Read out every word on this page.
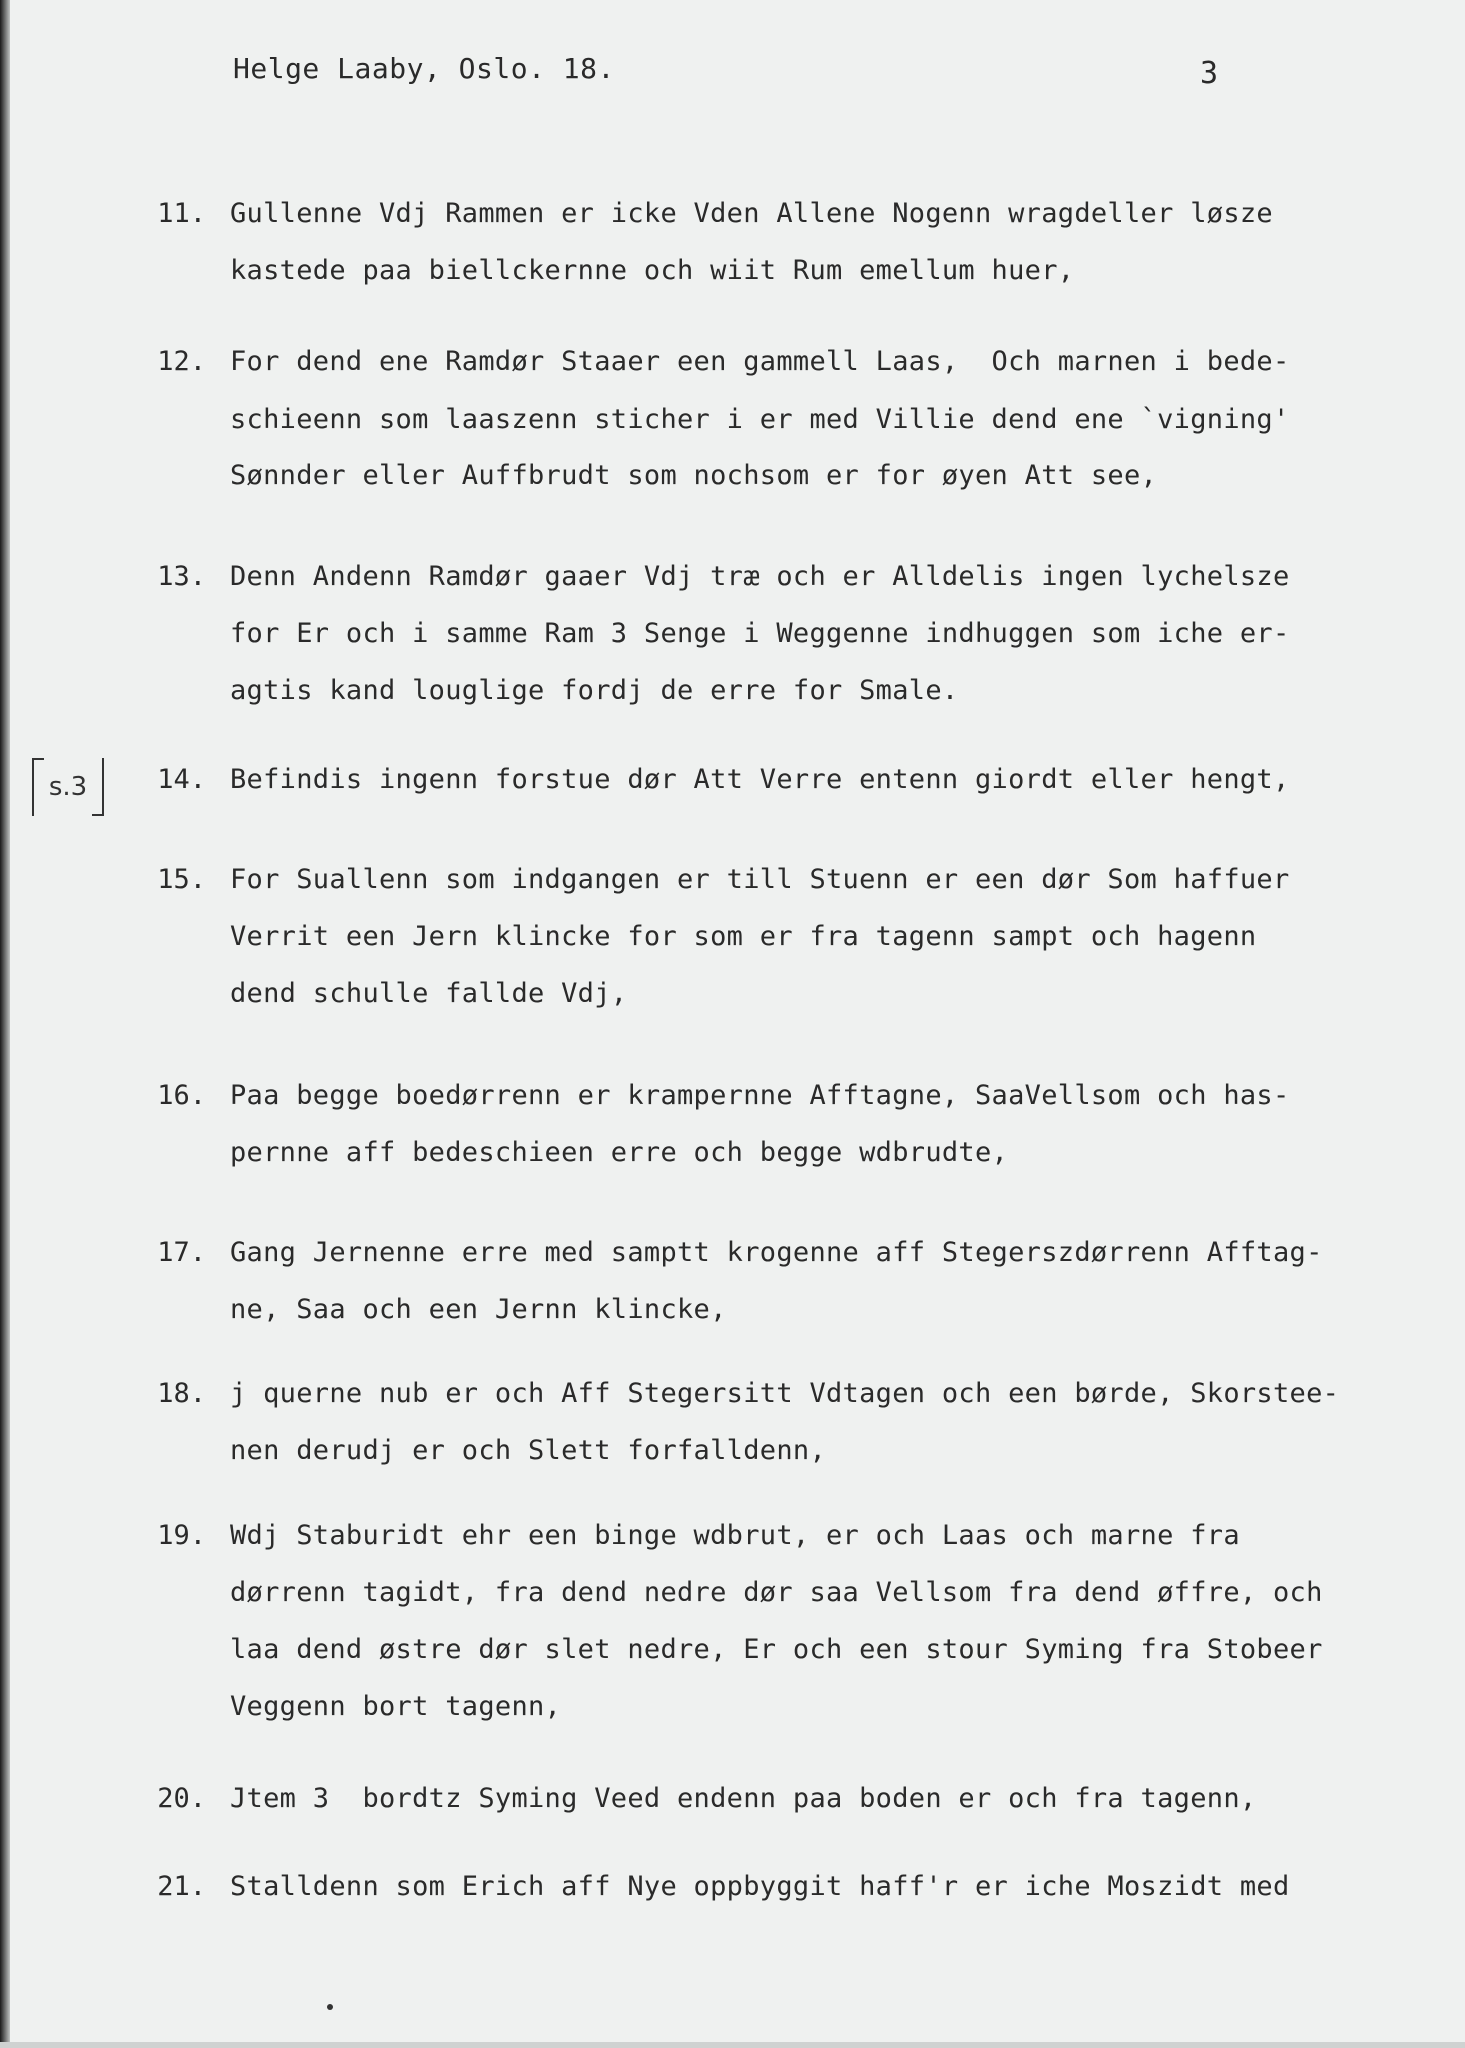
Helge Laaby, Oslo. 18.	3
s.3
11. Gullenne Vdj Rammen er icke Vden Allene Nogenn wragdeller løsze
kastede paa biellckernne och wiit Rum emellum huer,
12. For dend ene Ramdør Staaer een gammell Laas,  Och marnen i bede-
schieenn som laaszenn sticher i er med Villie dend ene `vigning'
Sønnder eller Auffbrudt som nochsom er for øyen Att see,
13. Denn Andenn Ramdør gaaer Vdj træ och er Alldelis ingen lychelsze
for Er och i samme Ram 3 Senge i Weggenne indhuggen som iche er-
agtis kand louglige fordj de erre for Smale.
14. Befindis ingenn forstue dør Att Verre entenn giordt eller hengt,
15. For Suallenn som indgangen er till Stuenn er een dør Som haffuer
Verrit een Jern klincke for som er fra tagenn sampt och hagenn
dend schulle fallde Vdj,
16. Paa begge boedørrenn er krampernne Afftagne, SaaVellsom och has-
pernne aff bedeschieen erre och begge wdbrudte,
17. Gang Jernenne erre med samptt krogenne aff Stegerszdørrenn Afftag-
ne, Saa och een Jernn klincke,
18. j querne nub er och Aff Stegersitt Vdtagen och een børde, Skorstee-
nen derudj er och Slett forfalldenn,
19. Wdj Staburidt ehr een binge wdbrut, er och Laas och marne fra
dørrenn tagidt, fra dend nedre dør saa Vellsom fra dend øffre, och
laa dend østre dør slet nedre, Er och een stour Syming fra Stobeer
Veggenn bort tagenn,
20. Jtem 3  bordtz Syming Veed endenn paa boden er och fra tagenn,
21. Stalldenn som Erich aff Nye oppbyggit haff'r er iche Moszidt med
